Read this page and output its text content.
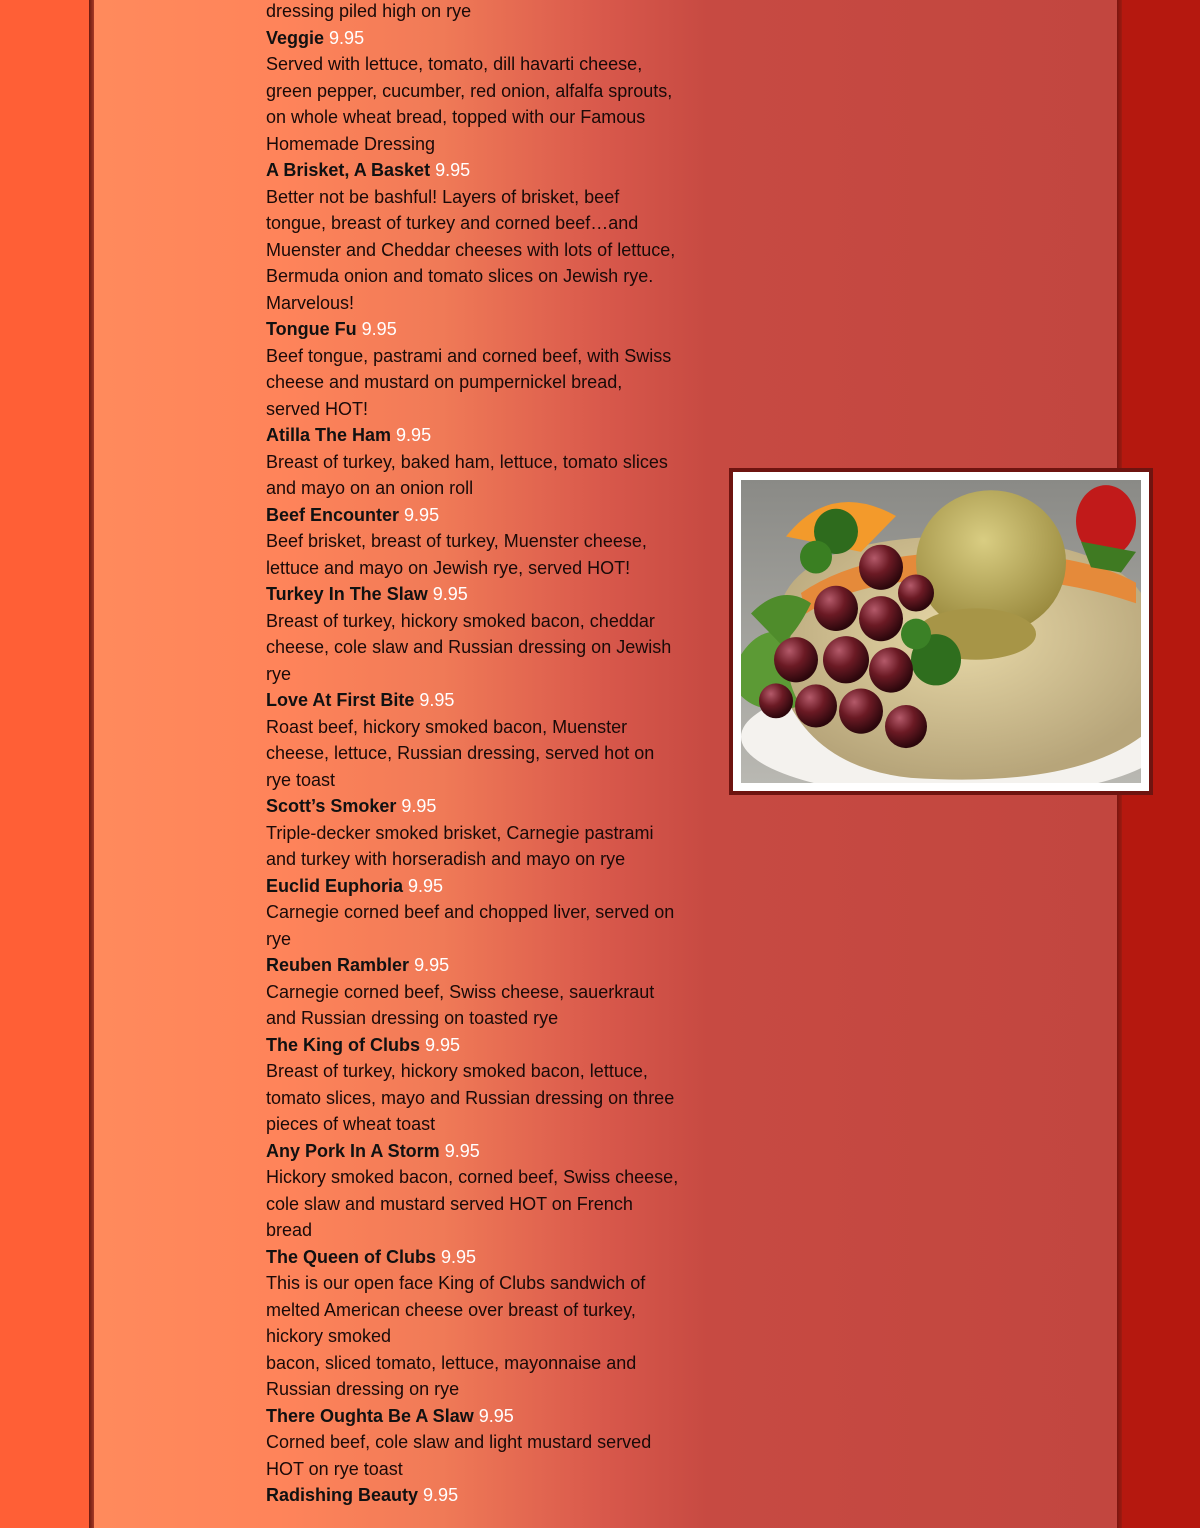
dressing piled high on rye

Veggie 9.95

Served with lettuce, tomato, dill havarti cheese,

green pepper, cucumber, red onion, alfalfa sprouts,

on whole wheat bread, topped with our Famous

Homemade Dressing

A Brisket, A Basket 9.95

Better not be bashful! Layers of brisket, beef

tongue, breast of turkey and corned beef…and

Muenster and Cheddar cheeses with lots of lettuce,

Bermuda onion and tomato slices on Jewish rye.

Marvelous!

Tongue Fu 9.95

Beef tongue, pastrami and corned beef, with Swiss

cheese and mustard on pumpernickel bread,

served HOT!

Atilla The Ham 9.95

Breast of turkey, baked ham, lettuce, tomato slices

and mayo on an onion roll

Beef Encounter 9.95

Beef brisket, breast of turkey, Muenster cheese,

lettuce and mayo on Jewish rye, served HOT!

Turkey In The Slaw 9.95

Breast of turkey, hickory smoked bacon, cheddar

cheese, cole slaw and Russian dressing on Jewish

rye

Love At First Bite 9.95

Roast beef, hickory smoked bacon, Muenster

cheese, lettuce, Russian dressing, served hot on

rye toast

Scott’s Smoker 9.95

Triple-decker smoked brisket, Carnegie pastrami

and turkey with horseradish and mayo on rye

Euclid Euphoria 9.95

Carnegie corned beef and chopped liver, served on

rye

Reuben Rambler 9.95

Carnegie corned beef, Swiss cheese, sauerkraut

and Russian dressing on toasted rye

The King of Clubs 9.95

Breast of turkey, hickory smoked bacon, lettuce,

tomato slices, mayo and Russian dressing on three

pieces of wheat toast

Any Pork In A Storm 9.95

Hickory smoked bacon, corned beef, Swiss cheese,

cole slaw and mustard served HOT on French

bread

The Queen of Clubs 9.95

This is our open face King of Clubs sandwich of

melted American cheese over breast of turkey,

hickory smoked

bacon, sliced tomato, lettuce, mayonnaise and

Russian dressing on rye

There Oughta Be A Slaw 9.95

Corned beef, cole slaw and light mustard served

HOT on rye toast

Radishing Beauty 9.95
